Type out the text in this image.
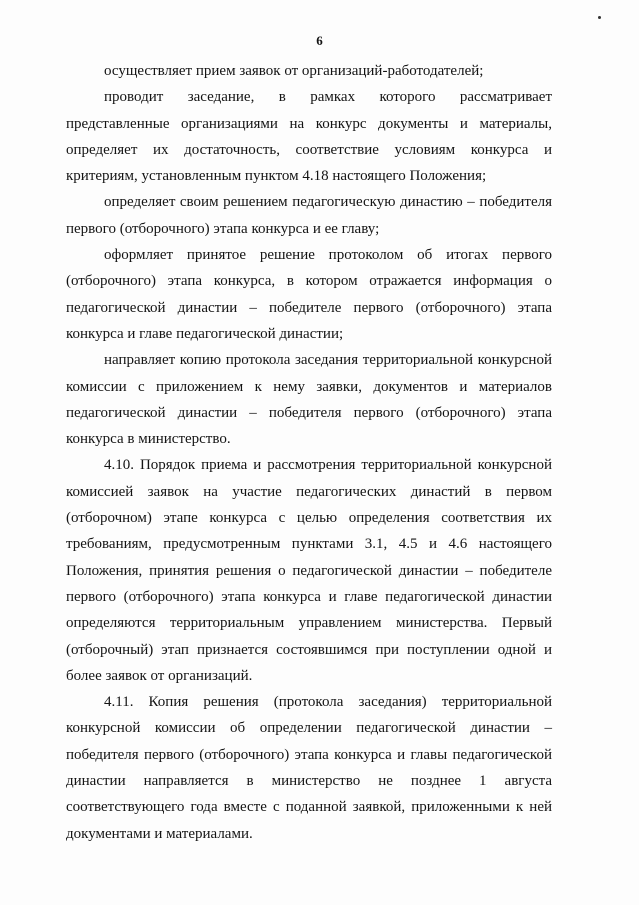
6

осуществляет прием заявок от организаций-работодателей;

проводит заседание, в рамках которого рассматривает представленные организациями на конкурс документы и материалы, определяет их достаточность, соответствие условиям конкурса и критериям, установленным пунктом 4.18 настоящего Положения;

определяет своим решением педагогическую династию – победителя первого (отборочного) этапа конкурса и ее главу;

оформляет принятое решение протоколом об итогах первого (отборочного) этапа конкурса, в котором отражается информация о педагогической династии – победителе первого (отборочного) этапа конкурса и главе педагогической династии;

направляет копию протокола заседания территориальной конкурсной комиссии с приложением к нему заявки, документов и материалов педагогической династии – победителя первого (отборочного) этапа конкурса в министерство.

4.10. Порядок приема и рассмотрения территориальной конкурсной комиссией заявок на участие педагогических династий в первом (отборочном) этапе конкурса с целью определения соответствия их требованиям, предусмотренным пунктами 3.1, 4.5 и 4.6 настоящего Положения, принятия решения о педагогической династии – победителе первого (отборочного) этапа конкурса и главе педагогической династии определяются территориальным управлением министерства. Первый (отборочный) этап признается состоявшимся при поступлении одной и более заявок от организаций.

4.11. Копия решения (протокола заседания) территориальной конкурсной комиссии об определении педагогической династии – победителя первого (отборочного) этапа конкурса и главы педагогической династии направляется в министерство не позднее 1 августа соответствующего года вместе с поданной заявкой, приложенными к ней документами и материалами.
